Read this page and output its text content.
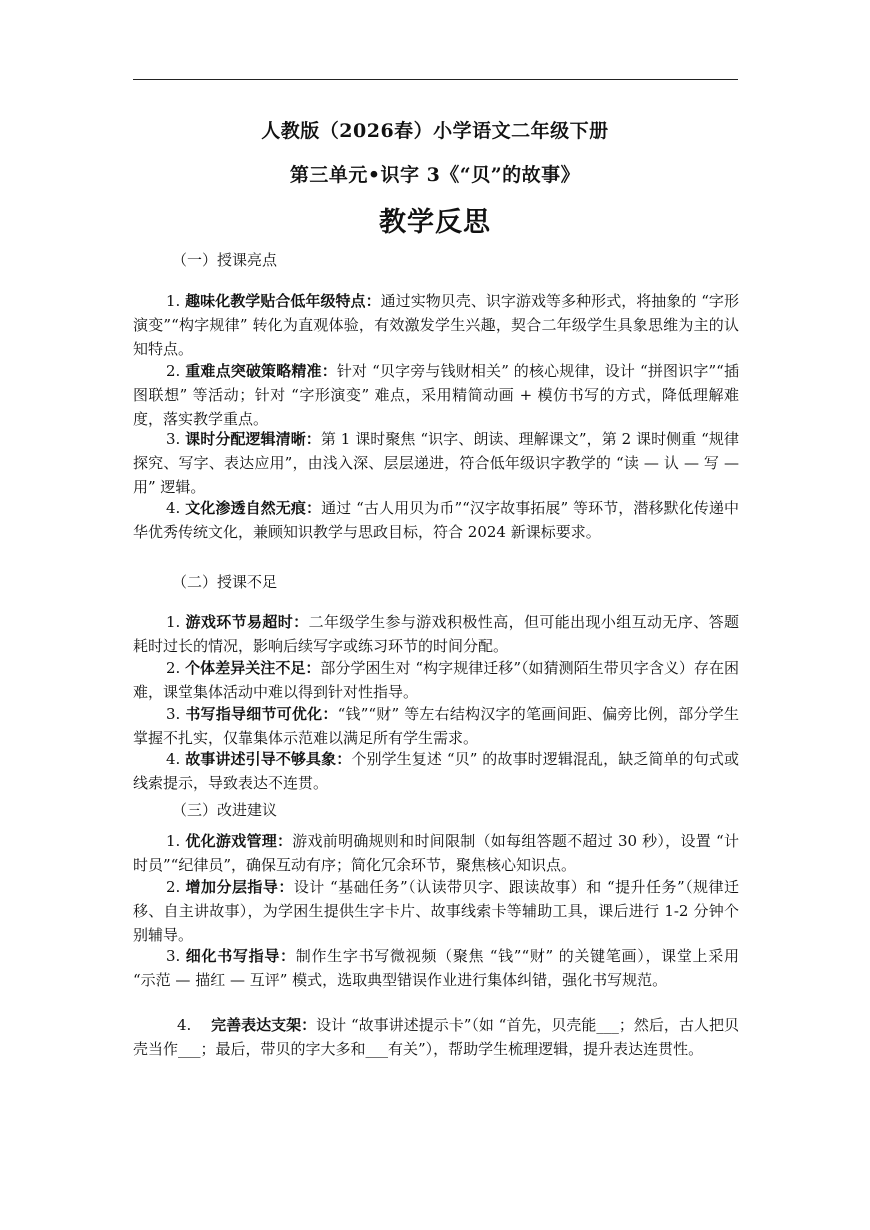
人教版（2026春）小学语文二年级下册
第三单元•识字 3《“贝”的故事》
教学反思
（一）授课亮点
1. 趣味化教学贴合低年级特点：通过实物贝壳、识字游戏等多种形式，将抽象的 “字形演变”“构字规律” 转化为直观体验，有效激发学生兴趣，契合二年级学生具象思维为主的认知特点。
2. 重难点突破策略精准：针对 “贝字旁与钱财相关” 的核心规律，设计 “拼图识字”“插图联想” 等活动；针对 “字形演变” 难点，采用精简动画 + 模仿书写的方式，降低理解难度，落实教学重点。
3. 课时分配逻辑清晰：第 1 课时聚焦 “识字、朗读、理解课文”，第 2 课时侧重 “规律探究、写字、表达应用”，由浅入深、层层递进，符合低年级识字教学的 “读 — 认 — 写 — 用” 逻辑。
4. 文化渗透自然无痕：通过 “古人用贝为币”“汉字故事拓展” 等环节，潜移默化传递中华优秀传统文化，兼顾知识教学与思政目标，符合 2024 新课标要求。
（二）授课不足
1. 游戏环节易超时：二年级学生参与游戏积极性高，但可能出现小组互动无序、答题耗时过长的情况，影响后续写字或练习环节的时间分配。
2. 个体差异关注不足：部分学困生对 “构字规律迁移”（如猜测陌生带贝字含义）存在困难，课堂集体活动中难以得到针对性指导。
3. 书写指导细节可优化：“钱”“财” 等左右结构汉字的笔画间距、偏旁比例，部分学生掌握不扎实，仅靠集体示范难以满足所有学生需求。
4. 故事讲述引导不够具象：个别学生复述 “贝” 的故事时逻辑混乱，缺乏简单的句式或线索提示，导致表达不连贯。
（三）改进建议
1. 优化游戏管理：游戏前明确规则和时间限制（如每组答题不超过 30 秒），设置 “计时员”“纪律员”，确保互动有序；简化冗余环节，聚焦核心知识点。
2. 增加分层指导：设计 “基础任务”（认读带贝字、跟读故事）和 “提升任务”（规律迁移、自主讲故事），为学困生提供生字卡片、故事线索卡等辅助工具，课后进行 1-2 分钟个别辅导。
3. 细化书写指导：制作生字书写微视频（聚焦 “钱”“财” 的关键笔画），课堂上采用 “示范 — 描红 — 互评” 模式，选取典型错误作业进行集体纠错，强化书写规范。
4.　 完善表达支架：设计 “故事讲述提示卡”（如 “首先，贝壳能___；然后，古人把贝壳当作___；最后，带贝的字大多和___有关”），帮助学生梳理逻辑，提升表达连贯性。
